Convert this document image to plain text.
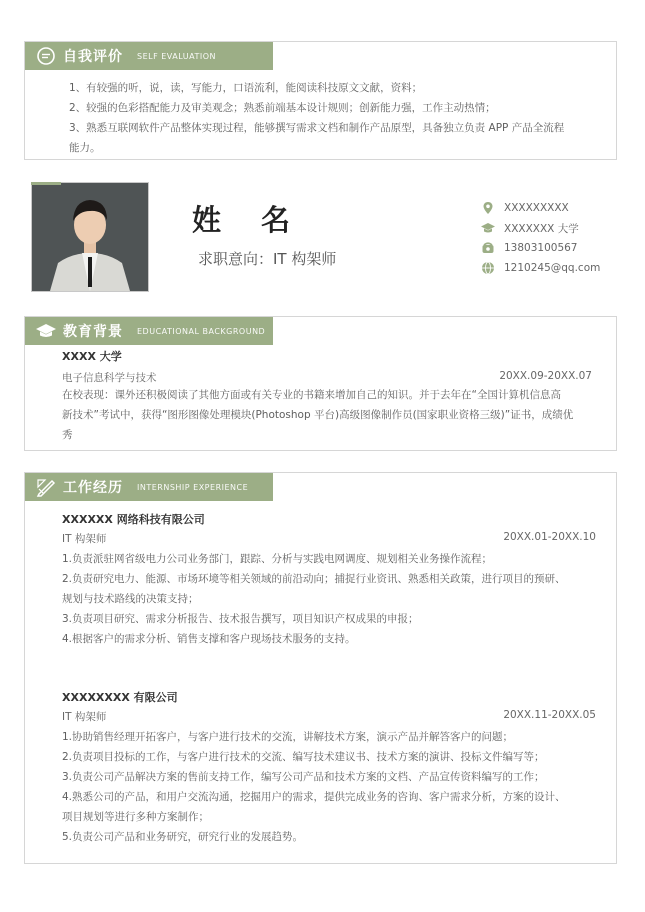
自我评价 SELF EVALUATION
1、有较强的听，说，读，写能力，口语流利，能阅读科技原文文献，资料；
2、较强的色彩搭配能力及审美观念；熟悉前端基本设计规则；创新能力强，工作主动热情；
3、熟悉互联网软件产品整体实现过程，能够撰写需求文档和制作产品原型，具备独立负责 APP 产品全流程
能力。
姓名
求职意向：IT 构架师
XXXXXXXXX
XXXXXXX 大学
13803100567
1210245@qq.com
教育背景 EDUCATIONAL BACKGROUND
XXXX 大学
电子信息科学与技术	20XX.09-20XX.07
在校表现：课外还积极阅读了其他方面或有关专业的书籍来增加自己的知识。并于去年在“全国计算机信息高
新技术”考试中，获得“图形图像处理模块(Photoshop 平台)高级图像制作员(国家职业资格三级)”证书，成绩优
秀
工作经历 INTERNSHIP EXPERIENCE
XXXXXX 网络科技有限公司
IT 构架师	20XX.01-20XX.10
1.负责派驻网省级电力公司业务部门，跟踪、分析与实践电网调度、规划相关业务操作流程；
2.负责研究电力、能源、市场环境等相关领域的前沿动向；捕捉行业资讯、熟悉相关政策，进行项目的预研、
规划与技术路线的决策支持；
3.负责项目研究、需求分析报告、技术报告撰写，项目知识产权成果的申报；
4.根据客户的需求分析、销售支撑和客户现场技术服务的支持。
XXXXXXXX 有限公司
IT 构架师	20XX.11-20XX.05
1.协助销售经理开拓客户，与客户进行技术的交流，讲解技术方案，演示产品并解答客户的问题；
2.负责项目投标的工作，与客户进行技术的交流、编写技术建议书、技术方案的演讲、投标文件编写等；
3.负责公司产品解决方案的售前支持工作，编写公司产品和技术方案的文档、产品宣传资料编写的工作；
4.熟悉公司的产品，和用户交流沟通，挖掘用户的需求，提供完成业务的咨询、客户需求分析，方案的设计、
项目规划等进行多种方案制作；
5.负责公司产品和业务研究，研究行业的发展趋势。
